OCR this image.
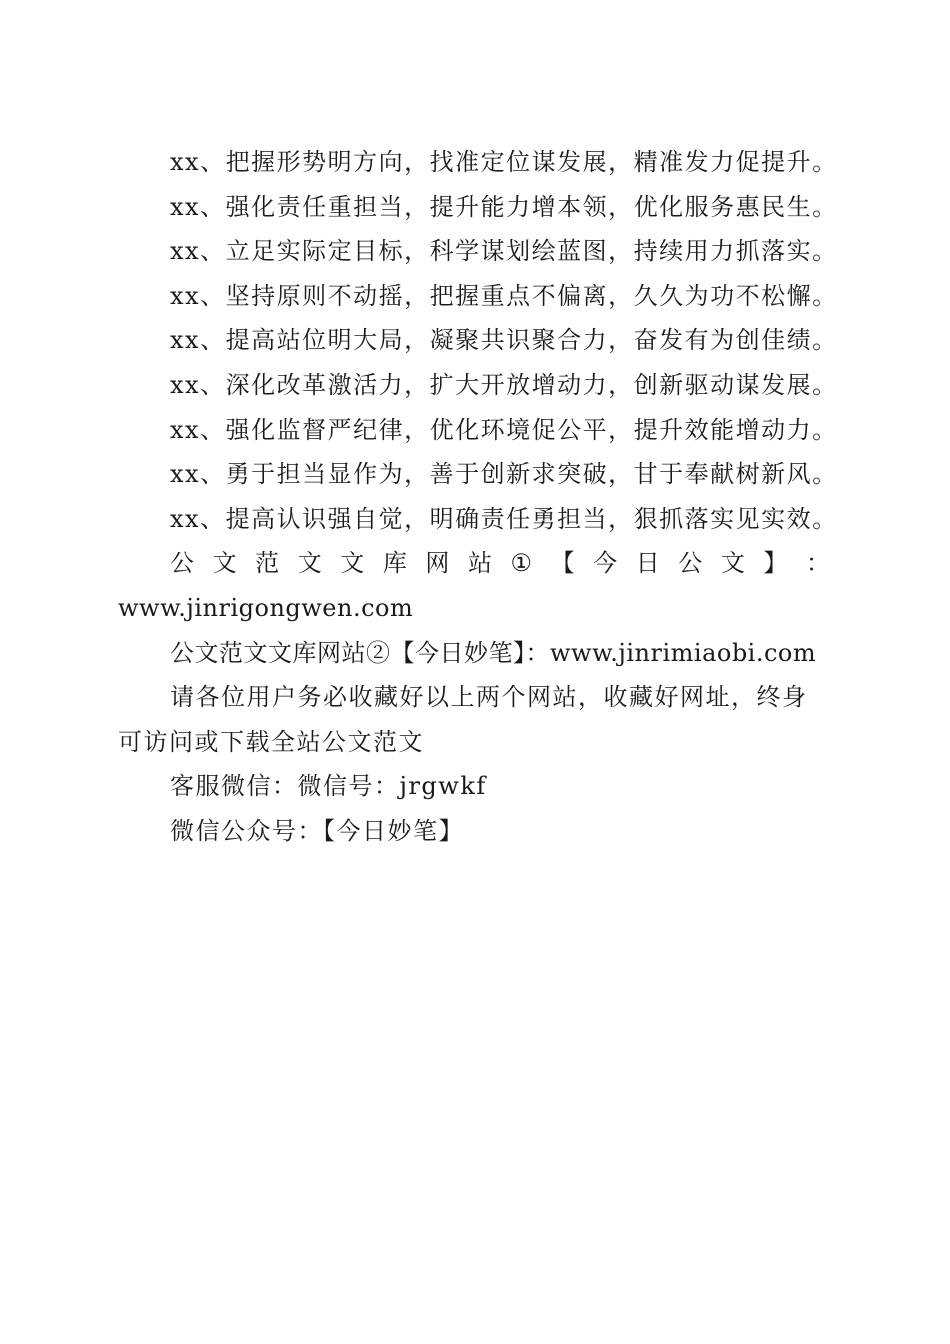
xx、把握形势明方向，找准定位谋发展，精准发力促提升。
xx、强化责任重担当，提升能力增本领，优化服务惠民生。
xx、立足实际定目标，科学谋划绘蓝图，持续用力抓落实。
xx、坚持原则不动摇，把握重点不偏离，久久为功不松懈。
xx、提高站位明大局，凝聚共识聚合力，奋发有为创佳绩。
xx、深化改革激活力，扩大开放增动力，创新驱动谋发展。
xx、强化监督严纪律，优化环境促公平，提升效能增动力。
xx、勇于担当显作为，善于创新求突破，甘于奉献树新风。
xx、提高认识强自觉，明确责任勇担当，狠抓落实见实效。
公 文 范 文 文 库 网 站 ① 【 今 日 公 文 】 ：
www.jinrigongwen.com
公文范文文库网站②【今日妙笔】：www.jinrimiaobi.com
请各位用户务必收藏好以上两个网站，收藏好网址，终身
可访问或下载全站公文范文
客服微信：微信号：jrgwkf
微信公众号：【今日妙笔】
